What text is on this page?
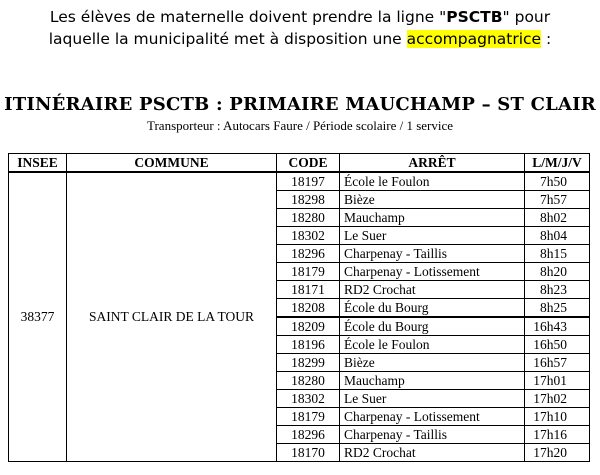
Les élèves de maternelle doivent prendre la ligne "PSCTB" pour
laquelle la municipalité met à disposition une accompagnatrice :
ITINÉRAIRE PSCTB : PRIMAIRE MAUCHAMP – ST CLAIR
Transporteur : Autocars Faure / Période scolaire / 1 service
INSEE	COMMUNE	CODE	ARRÊT	L/M/J/V
38377	SAINT CLAIR DE LA TOUR	18197	École le Foulon	7h50
		18298	Bièze	7h57
		18280	Mauchamp	8h02
		18302	Le Suer	8h04
		18296	Charpenay - Taillis	8h15
		18179	Charpenay - Lotissement	8h20
		18171	RD2 Crochat	8h23
		18208	École du Bourg	8h25
		18209	École du Bourg	16h43
		18196	École le Foulon	16h50
		18299	Bièze	16h57
		18280	Mauchamp	17h01
		18302	Le Suer	17h02
		18179	Charpenay - Lotissement	17h10
		18296	Charpenay - Taillis	17h16
		18170	RD2 Crochat	17h20
